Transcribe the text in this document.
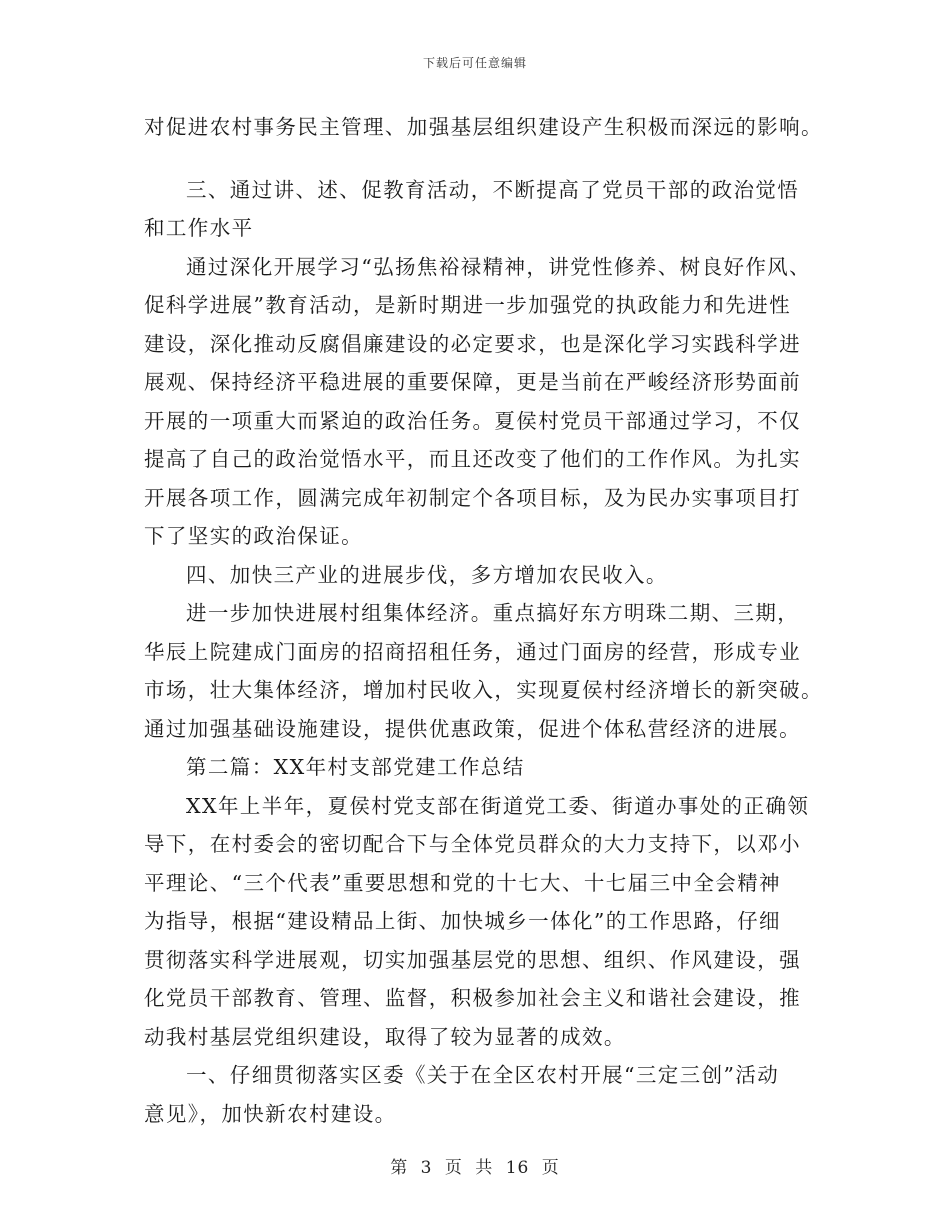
下载后可任意编辑
对促进农村事务民主管理、加强基层组织建设产生积极而深远的影响。
三、通过讲、述、促教育活动，不断提高了党员干部的政治觉悟
和工作水平
通过深化开展学习“弘扬焦裕禄精神，讲党性修养、树良好作风、
促科学进展”教育活动，是新时期进一步加强党的执政能力和先进性
建设，深化推动反腐倡廉建设的必定要求，也是深化学习实践科学进
展观、保持经济平稳进展的重要保障，更是当前在严峻经济形势面前
开展的一项重大而紧迫的政治任务。夏侯村党员干部通过学习，不仅
提高了自己的政治觉悟水平，而且还改变了他们的工作作风。为扎实
开展各项工作，圆满完成年初制定个各项目标，及为民办实事项目打
下了坚实的政治保证。
四、加快三产业的进展步伐，多方增加农民收入。
进一步加快进展村组集体经济。重点搞好东方明珠二期、三期，
华辰上院建成门面房的招商招租任务，通过门面房的经营，形成专业
市场，壮大集体经济，增加村民收入，实现夏侯村经济增长的新突破。
通过加强基础设施建设，提供优惠政策，促进个体私营经济的进展。
第二篇：XX年村支部党建工作总结
XX年上半年，夏侯村党支部在街道党工委、街道办事处的正确领
导下，在村委会的密切配合下与全体党员群众的大力支持下，以邓小
平理论、“三个代表”重要思想和党的十七大、十七届三中全会精神
为指导，根据“建设精品上街、加快城乡一体化”的工作思路，仔细
贯彻落实科学进展观，切实加强基层党的思想、组织、作风建设，强
化党员干部教育、管理、监督，积极参加社会主义和谐社会建设，推
动我村基层党组织建设，取得了较为显著的成效。
一、仔细贯彻落实区委《关于在全区农村开展“三定三创”活动
意见》，加快新农村建设。
第 3 页 共 16 页
